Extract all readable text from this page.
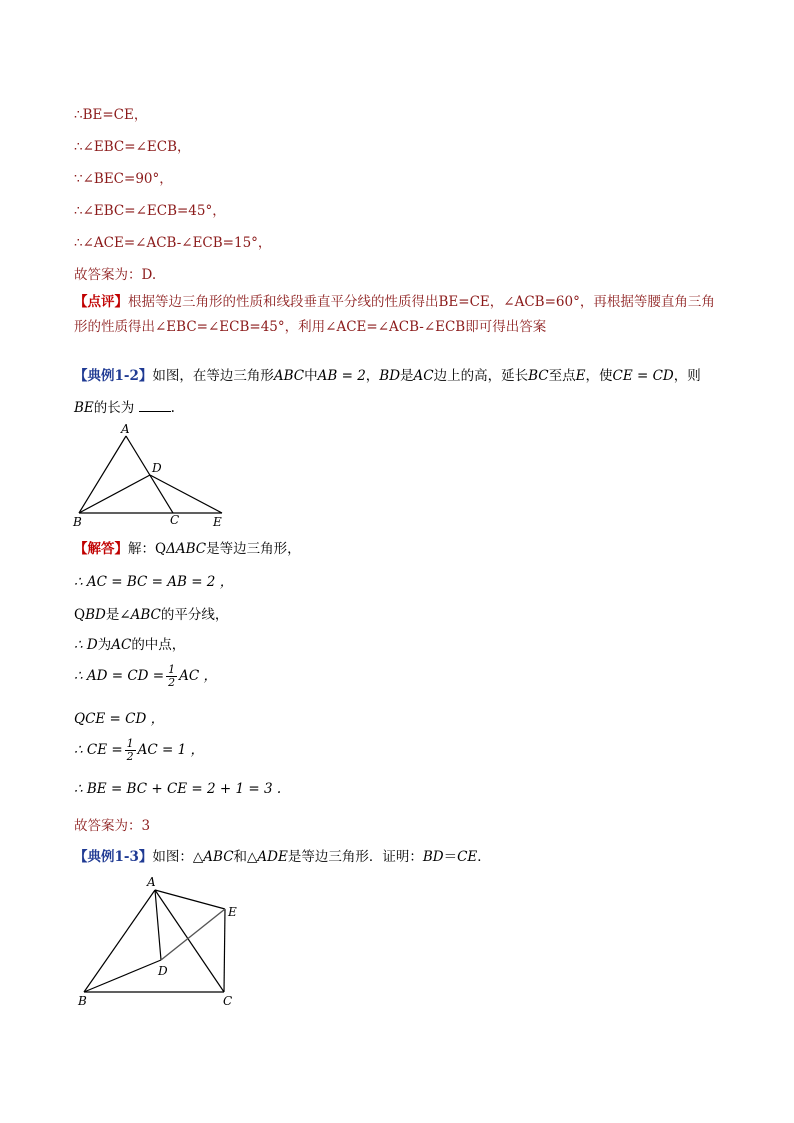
∴BE=CE，
∴∠EBC=∠ECB，
∵∠BEC=90°，
∴∠EBC=∠ECB=45°，
∴∠ACE=∠ACB-∠ECB=15°，
故答案为：D.
【点评】根据等边三角形的性质和线段垂直平分线的性质得出BE=CE，∠ACB=60°，再根据等腰直角三角形的性质得出∠EBC=∠ECB=45°，利用∠ACE=∠ACB-∠ECB即可得出答案
【典例1-2】如图，在等边三角形ABC中AB = 2，BD是AC边上的高，延长BC至点E，使CE = CD，则
BE的长为	.
A
B	C
D
E
【解答】解：QΔABC是等边三角形，
∴ AC = BC = AB = 2 ，
QBD是∠ABC的平分线，
∴ D为AC的中点，
∴ AD = CD = $\frac{1}{2}$ AC ，
QCE = CD ，
∴ CE = $\frac{1}{2}$ AC = 1 ，
∴ BE = BC + CE = 2 + 1 = 3 .
故答案为：3
【典例1-3】如图：△ABC和△ADE是等边三角形．证明：BD＝CE．
A
B	C
D
E
